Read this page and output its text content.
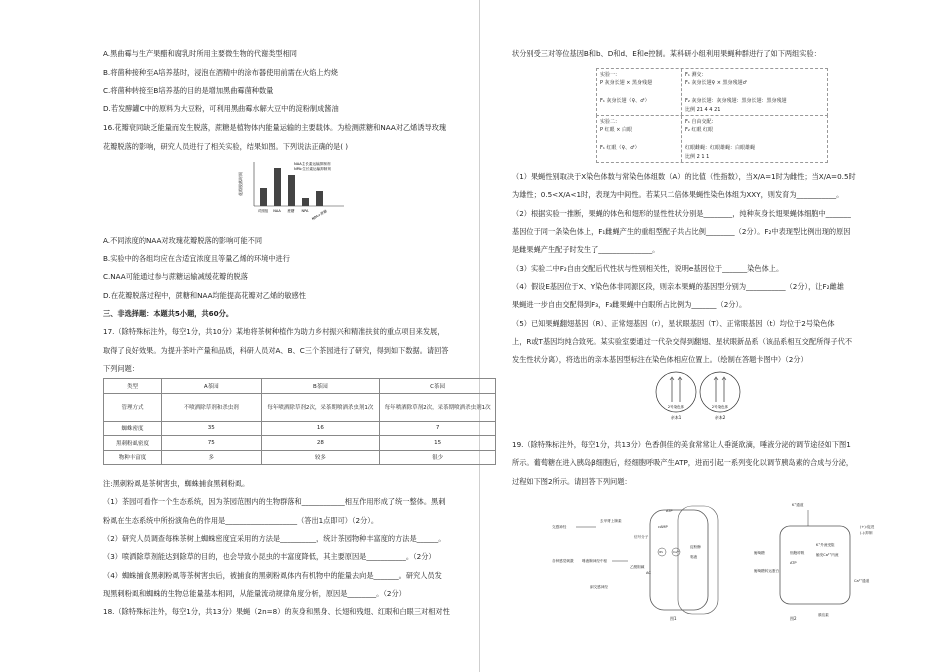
A.黑曲霉与生产果醋和腐乳时所用主要微生物的代谢类型相同
B.将菌种接种至A培养基时，浸泡在酒精中的涂布器使用前需在火焰上灼烧
C.将菌种转接至B培养基的目的是增加黑曲霉菌种数量
D.若发酵罐C中的原料为大豆粉，可利用黑曲霉水解大豆中的淀粉制成酱油
16.花瓣衰同缺乏能量而发生脱落，蔗糖是植物体内能量运输的主要载体。为检测蔗糖和NAA对乙烯诱导玫瑰
花瓣脱落的影响，研究人员进行了相关实验，结果如图。下列说法正确的是( )
花瓣脱落时间
NAA主长素运输抑制剂
NPA:生长素运输抑制剂
对照组 NAA 蔗糖 NPA NPA+蔗糖
A.不同浓度的NAA对玫瑰花瓣脱落的影响可能不同
B.实验中的各组均应在含适宜浓度且等量乙烯的环境中进行
C.NAA可能通过参与蔗糖运输减缓花瓣的脱落
D.在花瓣脱落过程中，蔗糖和NAA均能提高花瓣对乙烯的敏感性
三、非选择题：本题共5小题，共60分。
17.（除特殊标注外，每空1分，共10分）某地将茶树种植作为助力乡村振兴和精准扶贫的重点项目来发展，
取得了良好效果。为提升茶叶产量和品质，科研人员对A、B、C三个茶园进行了研究，得到如下数据。请回答
下列问题：
类型	A茶园	B茶园	C茶园
管理方式	不喷洒除草剂和杀虫剂	每年喷洒除草剂2次，采茶期喷洒杀虫剂1次	每年喷洒除草剂2次，采茶期喷洒杀虫剂1次
蜘蛛密度	35	16	7
黑刺粉虱密度	75	28	15
物种丰富度	多	较多	很少
注:黑刺粉虱是茶树害虫，蜘蛛捕食黑刺粉虱。
（1）茶园可看作一个生态系统，因为茶园范围内的生物群落和____________相互作用形成了统一整体。黑刺
粉虱在生态系统中所扮演角色的作用是____________________（答出1点即可）（2分）。
（2）研究人员调查每株茶树上蜘蛛密度宜采用的方法是__________，统计茶园物种丰富度的方法是______。
（3）喷洒除草剂能达到除草的目的，也会导致小昆虫的丰富度降低，其主要原因是___________。（2分）
（4）蜘蛛捕食黑刺粉虱等茶树害虫后，被捕食的黑刺粉虱体内有机物中的能量去向是_______。研究人员发
现黑刺粉虱和蜘蛛的生物总能量基本相同，从能量流动规律角度分析，原因是________。（2分）
18.（除特殊标注外，每空1分，共13分）果蝇（2n=8）的灰身和黑身、长翅和残翅、红眼和白眼三对相对性
状分别受三对等位基因B和b、D和d、E和e控制。某科研小组利用果蝇种群进行了如下两组实验：
实验一：
P 灰身长翅 × 黑身残翅
F₁ 灰身长翅（♀、♂）
F₁ 测交：
F₁ 灰身长翅♀ × 黑身残翅♂
F₂ 灰身长翅：灰身残翅：黑身长翅：黑身残翅
比例 21 4 4 21
实验二：
P 红眼 × 白眼
F₁ 红眼（♀、♂）
F₁ 自由交配：
F₂ 红眼 红眼
红眼雌蝇：红眼雄蝇：白眼雄蝇
比例 2 1 1
（1）果蝇性别取决于X染色体数与常染色体组数（A）的比值（性指数），当X/A=1时为雌性；当X/A=0.5时
为雄性；0.5<X/A<1时，表现为中间性。若某只二倍体果蝇性染色体组为XXY，则发育为___________。
（2）根据实验一推断，果蝇的体色和翅形的显性性状分别是________，纯种灰身长翅果蝇体细胞中_______
基因位于同一条染色体上，F₁雌蝇产生的重组型配子共占比例________（2分）。F₂中表现型比例出现的原因
是雌果蝇产生配子时发生了_______________。
（3）实验二中F₂自由交配后代性状与性别相关性，说明e基因位于_______染色体上。
（4）假设E基因位于X、Y染色体非同源区段，则亲本果蝇的基因型分别为___________（2分），让F₂雌雄
果蝇进一步自由交配得到F₃，F₃雌果蝇中白眼所占比例为_______（2分）。
（5）已知果蝇翻翅基因（R）、正常翅基因（r），星状眼基因（T）、正常眼基因（t）均位于2号染色体
上，R或T基因均纯合致死。某实验室要通过一代杂交得到翻翅、星状眼新品系（该品系相互交配所得子代不
发生性状分离），将选出的亲本基因型标注在染色体相应位置上。（绘制在答题卡图中）（2分）
2号染色体
亲本1
2号染色体
亲本2
19.（除特殊标注外，每空1分，共13分）色香俱佳的美食常常让人垂涎欲滴，唾液分泌的调节途径如下图1
所示。葡萄糖在进入胰岛β细胞后，经细胞呼吸产生ATP，进而引起一系列变化以调节胰岛素的合成与分泌，
过程如下图2所示。请回答下列问题：
交感神经
去甲肾上腺素
各种感觉刺激 唾液腺神经中枢
副交感神经
乙酰胆碱
ATP
cAMP
IP₃	Ca²⁺
淀粉酶
黏液
信号分子
AC
图1
K⁺通道
葡萄糖
葡萄糖转运蛋白
细胞呼吸
ATP
K⁺外流受阻
触发Ca²⁺内流
Ca²⁺通道
胰岛素
(+):促进
(-):抑制
图2
